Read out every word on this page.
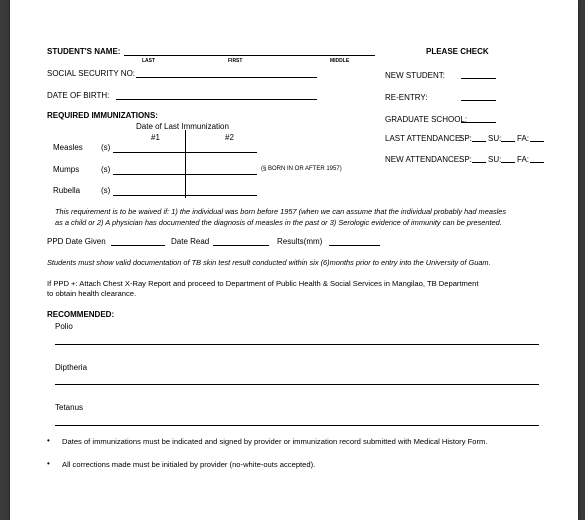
STUDENT'S NAME:
LAST	FIRST	MIDDLE
SOCIAL SECURITY NO:
DATE OF BIRTH:
PLEASE CHECK
NEW STUDENT:
RE-ENTRY:
GRADUATE SCHOOL:
LAST ATTENDANCE:
SP: SU: FA:
NEW ATTENDANCE:
SP: SU: FA:
REQUIRED IMMUNIZATIONS:
Date of Last Immunization
#1	#2
Measles (s)
Mumps	(s)	(§ BORN IN OR AFTER 1957)
Rubella	(s)
This requirement is to be waived if: 1) the individual was born before 1957 (when we can assume that the individual probably had measles
as a child or 2) A physician has documented the diagnosis of measles in the past or 3) Serologic evidence of immunity can be presented.
PPD Date Given	Date Read	Results(mm)
Students must show valid documentation of TB skin test result conducted within six (6)months prior to entry into the University of Guam.
If PPD +: Attach Chest X-Ray Report and proceed to Department of Public Health & Social Services in Mangilao, TB Department
to obtain health clearance.
RECOMMENDED:
Polio
Diptheria
Tetanus
• Dates of immunizations must be indicated and signed by provider or immunization record submitted with Medical History Form.
• All corrections made must be initialed by provider (no-white-outs accepted).
